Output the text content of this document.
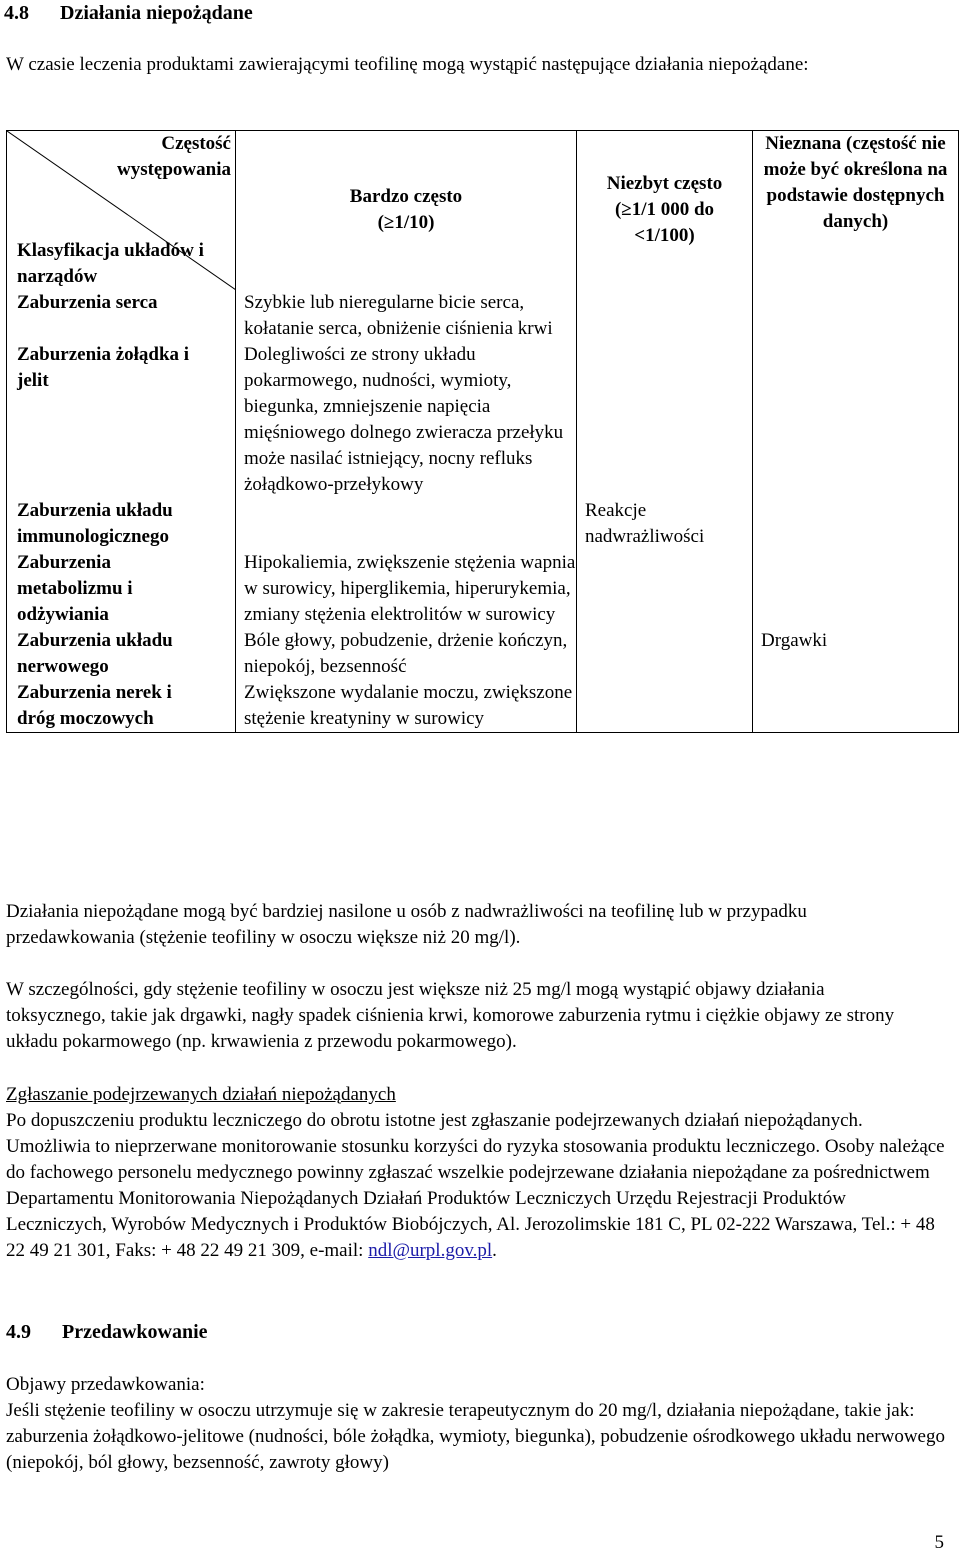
4.8 Działania niepożądane
W czasie leczenia produktami zawierającymi teofilinę mogą wystąpić następujące działania niepożądane:
Częstość występowania
Klasyfikacja układów i narządów	Bardzo często (≥1/10)	Niezbyt często (≥1/1 000 do <1/100)	Nieznana (częstość nie może być określona na podstawie dostępnych danych)

Zaburzenia serca	Szybkie lub nieregularne bicie serca, kołatanie serca, obniżenie ciśnienia krwi		

Zaburzenia żołądka i jelit	Dolegliwości ze strony układu pokarmowego, nudności, wymioty, biegunka, zmniejszenie napięcia mięśniowego dolnego zwieracza przełyku może nasilać istniejący, nocny refluks żołądkowo-przełykowy		
Zaburzenia układu immunologicznego		Reakcje nadwrażliwości	

Zaburzenia metabolizmu i odżywiania	Hipokaliemia, zwiększenie stężenia wapnia w surowicy, hiperglikemia, hiperurykemia, zmiany stężenia elektrolitów w surowicy		

Zaburzenia układu nerwowego	Bóle głowy, pobudzenie, drżenie kończyn, niepokój, bezsenność		Drgawki

Zaburzenia nerek i dróg moczowych	Zwiększone wydalanie moczu, zwiększone stężenie kreatyniny w surowicy		
Działania niepożądane mogą być bardziej nasilone u osób z nadwrażliwości na teofilinę lub w przypadku przedawkowania (stężenie teofiliny w osoczu większe niż 20 mg/l).
W szczególności, gdy stężenie teofiliny w osoczu jest większe niż 25 mg/l mogą wystąpić objawy działania toksycznego, takie jak drgawki, nagły spadek ciśnienia krwi, komorowe zaburzenia rytmu i ciężkie objawy ze strony układu pokarmowego (np. krwawienia z przewodu pokarmowego).
Zgłaszanie podejrzewanych działań niepożądanych
Po dopuszczeniu produktu leczniczego do obrotu istotne jest zgłaszanie podejrzewanych działań niepożądanych. Umożliwia to nieprzerwane monitorowanie stosunku korzyści do ryzyka stosowania produktu leczniczego. Osoby należące do fachowego personelu medycznego powinny zgłaszać wszelkie podejrzewane działania niepożądane za pośrednictwem Departamentu Monitorowania Niepożądanych Działań Produktów Leczniczych Urzędu Rejestracji Produktów Leczniczych, Wyrobów Medycznych i Produktów Biobójczych, Al. Jerozolimskie 181 C, PL 02-222 Warszawa, Tel.: + 48 22 49 21 301, Faks: + 48 22 49 21 309, e-mail: ndl@urpl.gov.pl.
4.9 Przedawkowanie
Objawy przedawkowania:
Jeśli stężenie teofiliny w osoczu utrzymuje się w zakresie terapeutycznym do 20 mg/l, działania niepożądane, takie jak: zaburzenia żołądkowo-jelitowe (nudności, bóle żołądka, wymioty, biegunka), pobudzenie ośrodkowego układu nerwowego (niepokój, ból głowy, bezsenność, zawroty głowy)
5
